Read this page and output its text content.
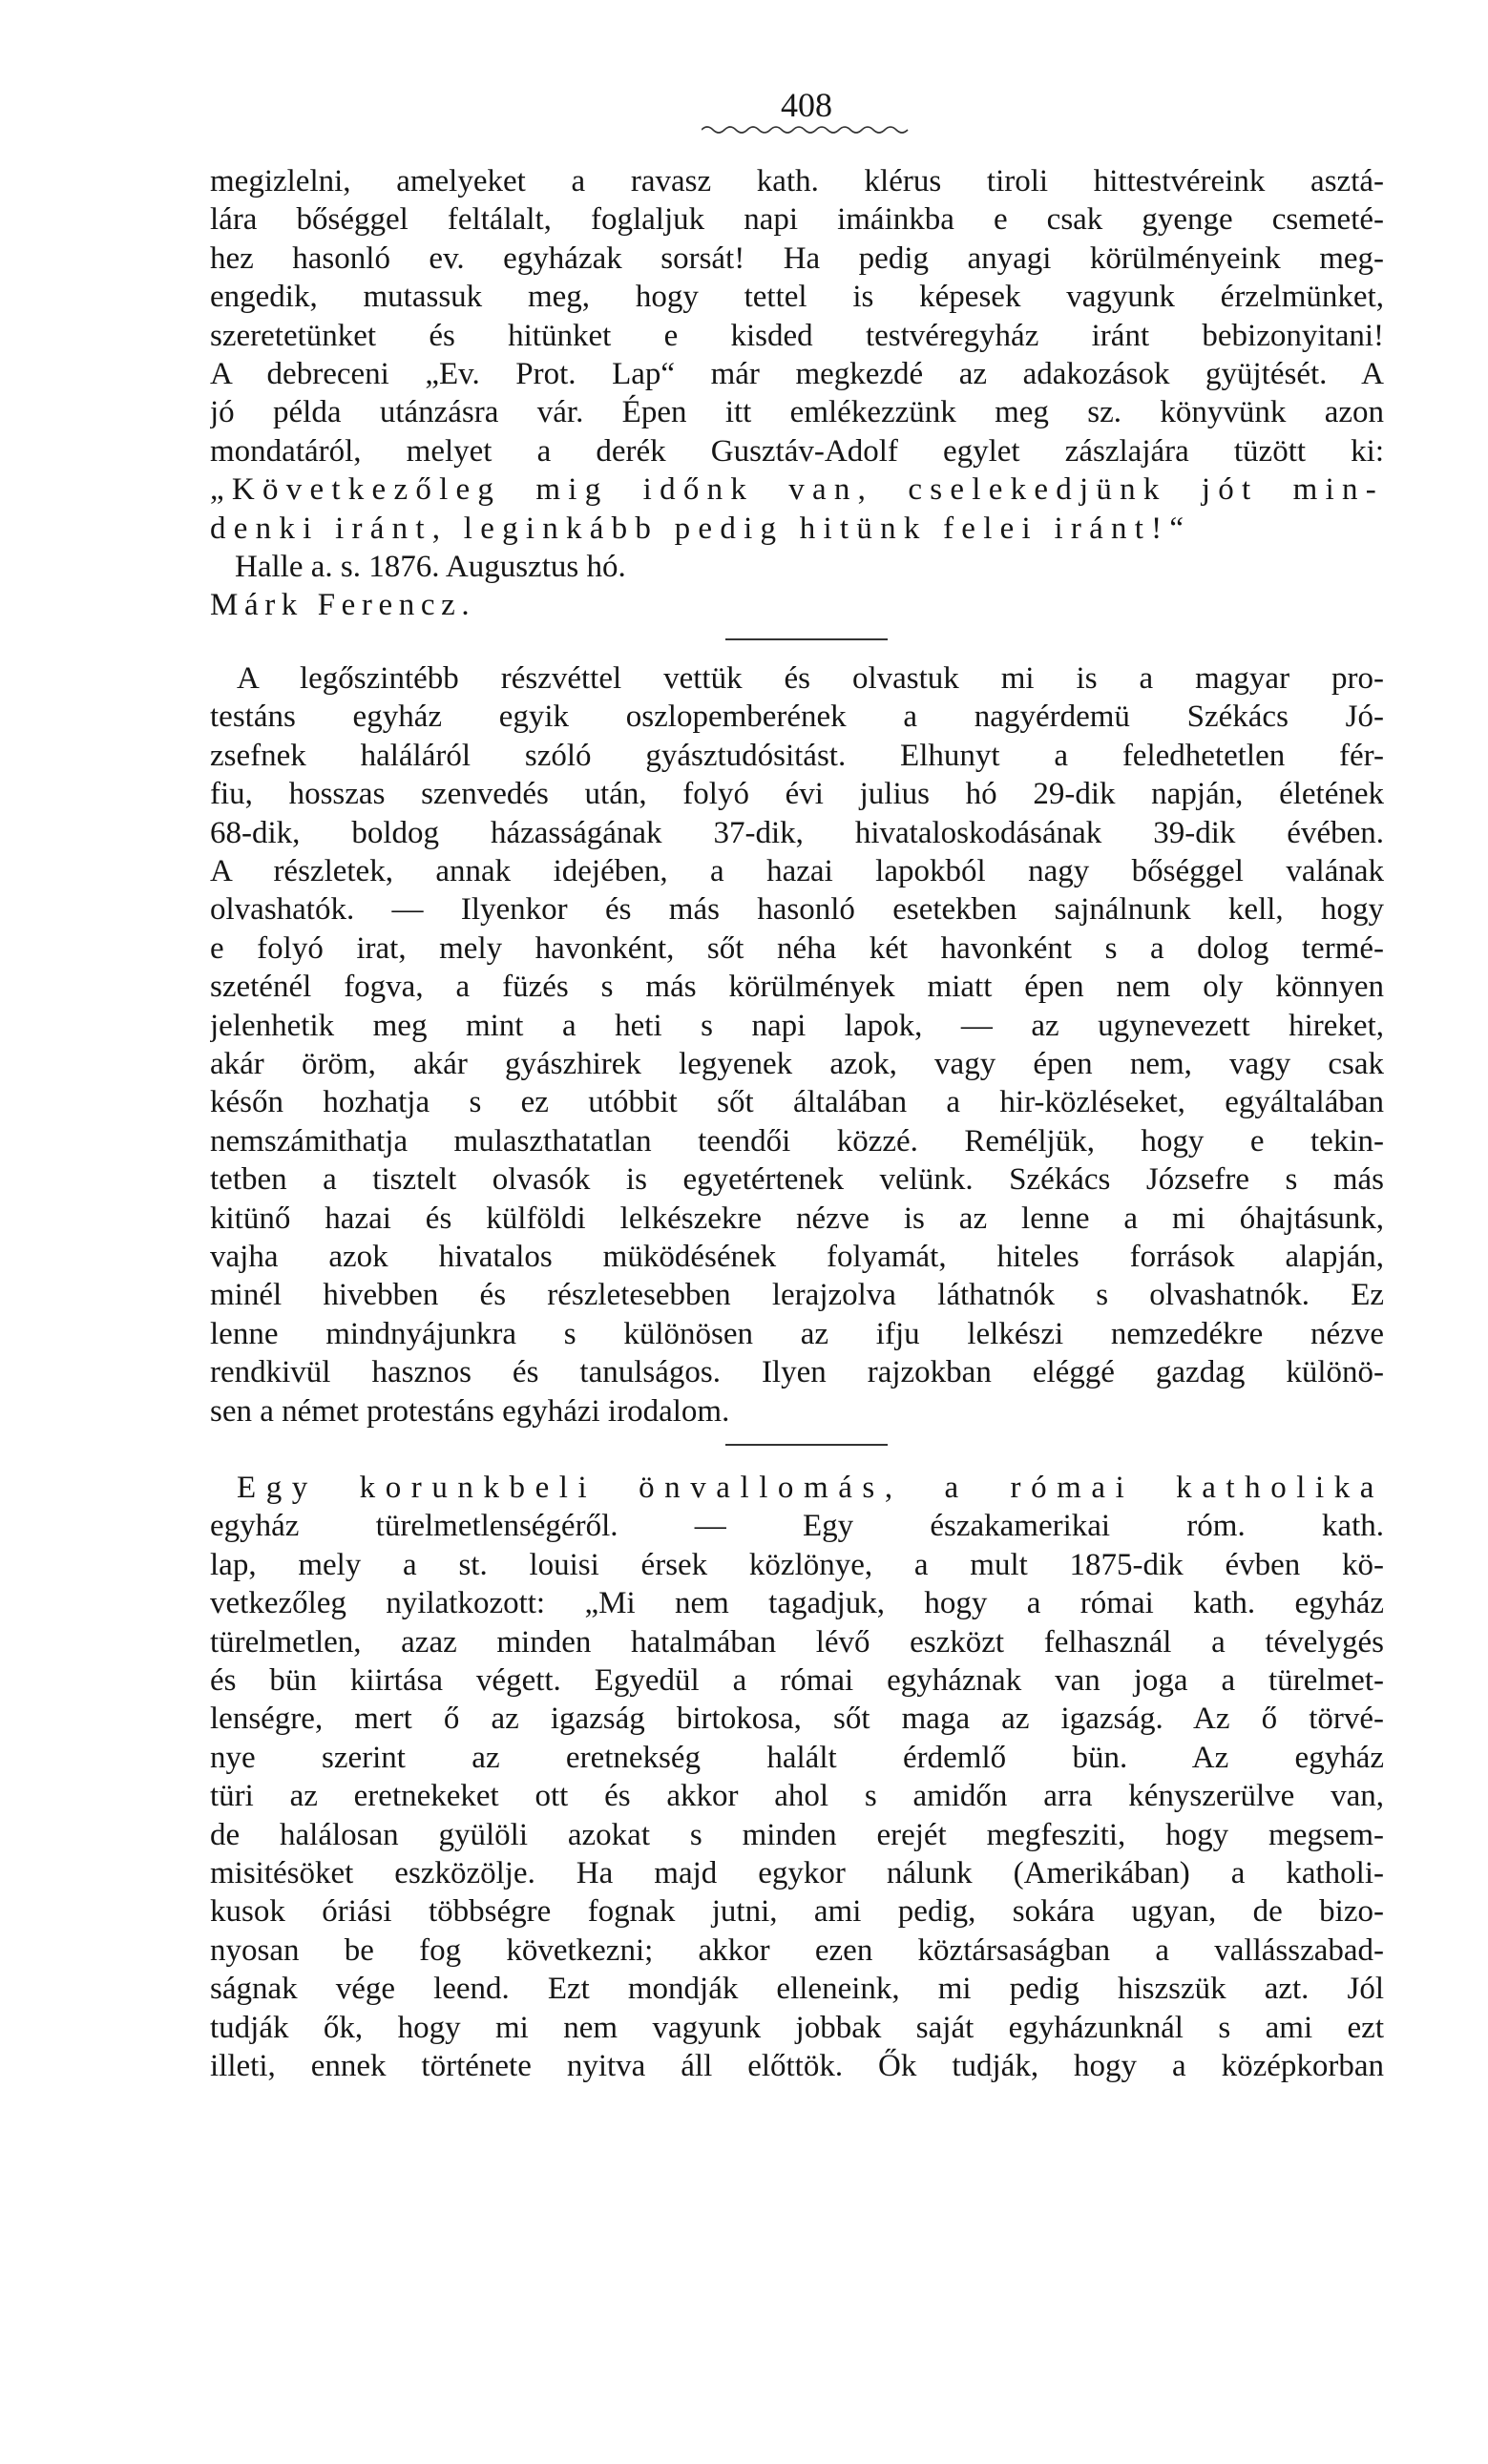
408
megizlelni, amelyeket a ravasz kath. klérus tiroli hittestvéreink asztá-
lára bőséggel feltálalt, foglaljuk napi imáinkba e csak gyenge csemeté-
hez hasonló ev. egyházak sorsát! Ha pedig anyagi körülményeink meg-
engedik, mutassuk meg, hogy tettel is képesek vagyunk érzelmünket,
szeretetünket és hitünket e kisded testvéregyház iránt bebizonyitani!
A debreceni „Ev. Prot. Lap“ már megkezdé az adakozások gyüjtését. A
jó példa utánzásra vár. Épen itt emlékezzünk meg sz. könyvünk azon
mondatáról, melyet a derék Gusztáv-Adolf egylet zászlajára tüzött ki:
„Következőleg mig időnk van, cselekedjünk jót min-
denki iránt, leginkább pedig hitünk felei iránt!“
Halle a. s. 1876. Augusztus hó.
Márk Ferencz.
A legőszintébb részvéttel vettük és olvastuk mi is a magyar pro-
testáns egyház egyik oszlopemberének a nagyérdemü Székács Jó-
zsefnek haláláról szóló gyásztudósitást. Elhunyt a feledhetetlen fér-
fiu, hosszas szenvedés után, folyó évi julius hó 29-dik napján, életének
68-dik, boldog házasságának 37-dik, hivataloskodásának 39-dik évében.
A részletek, annak idejében, a hazai lapokból nagy bőséggel valának
olvashatók. — Ilyenkor és más hasonló esetekben sajnálnunk kell, hogy
e folyó irat, mely havonként, sőt néha két havonként s a dolog termé-
szeténél fogva, a füzés s más körülmények miatt épen nem oly könnyen
jelenhetik meg mint a heti s napi lapok, — az ugynevezett hireket,
akár öröm, akár gyászhirek legyenek azok, vagy épen nem, vagy csak
későn hozhatja s ez utóbbit sőt általában a hir-közléseket, egyáltalában
nemszámithatja mulaszthatatlan teendői közzé. Reméljük, hogy e tekin-
tetben a tisztelt olvasók is egyetértenek velünk. Székács Józsefre s más
kitünő hazai és külföldi lelkészekre nézve is az lenne a mi óhajtásunk,
vajha azok hivatalos müködésének folyamát, hiteles források alapján,
minél hivebben és részletesebben lerajzolva láthatnók s olvashatnók. Ez
lenne mindnyájunkra s különösen az ifju lelkészi nemzedékre nézve
rendkivül hasznos és tanulságos. Ilyen rajzokban eléggé gazdag különö-
sen a német protestáns egyházi irodalom.
Egy korunkbeli önvallomás, a római katholika
egyház türelmetlenségéről. — Egy északamerikai róm. kath.
lap, mely a st. louisi érsek közlönye, a mult 1875-dik évben kö-
vetkezőleg nyilatkozott: „Mi nem tagadjuk, hogy a római kath. egyház
türelmetlen, azaz minden hatalmában lévő eszközt felhasznál a tévelygés
és bün kiirtása végett. Egyedül a római egyháznak van joga a türelmet-
lenségre, mert ő az igazság birtokosa, sőt maga az igazság. Az ő törvé-
nye szerint az eretnekség halált érdemlő bün. Az egyház
türi az eretnekeket ott és akkor ahol s amidőn arra kényszerülve van,
de halálosan gyülöli azokat s minden erejét megfesziti, hogy megsem-
misitésöket eszközölje. Ha majd egykor nálunk (Amerikában) a katholi-
kusok óriási többségre fognak jutni, ami pedig, sokára ugyan, de bizo-
nyosan be fog következni; akkor ezen köztársaságban a vallásszabad-
ságnak vége leend. Ezt mondják elleneink, mi pedig hiszszük azt. Jól
tudják ők, hogy mi nem vagyunk jobbak saját egyházunknál s ami ezt
illeti, ennek története nyitva áll előttök. Ők tudják, hogy a középkorban
